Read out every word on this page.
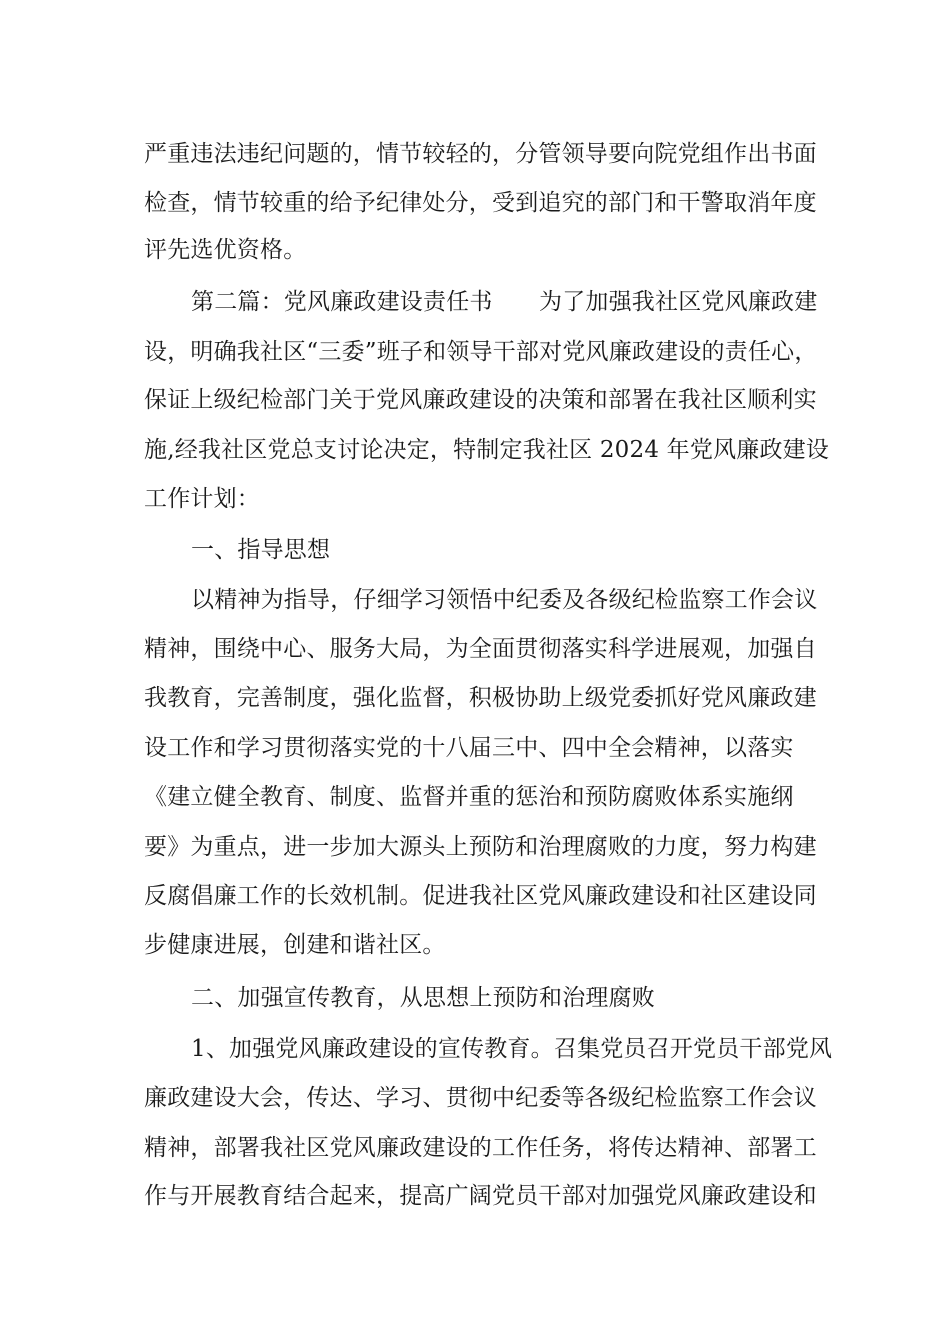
严重违法违纪问题的，情节较轻的，分管领导要向院党组作出书面
检查，情节较重的给予纪律处分，受到追究的部门和干警取消年度
评先选优资格。
第二篇：党风廉政建设责任书　　为了加强我社区党风廉政建
设，明确我社区“三委”班子和领导干部对党风廉政建设的责任心，
保证上级纪检部门关于党风廉政建设的决策和部署在我社区顺利实
施,经我社区党总支讨论决定，特制定我社区 2024 年党风廉政建设
工作计划：
一、指导思想
以精神为指导，仔细学习领悟中纪委及各级纪检监察工作会议
精神，围绕中心、服务大局，为全面贯彻落实科学进展观，加强自
我教育，完善制度，强化监督，积极协助上级党委抓好党风廉政建
设工作和学习贯彻落实党的十八届三中、四中全会精神，以落实
《建立健全教育、制度、监督并重的惩治和预防腐败体系实施纲
要》为重点，进一步加大源头上预防和治理腐败的力度，努力构建
反腐倡廉工作的长效机制。促进我社区党风廉政建设和社区建设同
步健康进展，创建和谐社区。
二、加强宣传教育，从思想上预防和治理腐败
1、加强党风廉政建设的宣传教育。召集党员召开党员干部党风
廉政建设大会，传达、学习、贯彻中纪委等各级纪检监察工作会议
精神，部署我社区党风廉政建设的工作任务，将传达精神、部署工
作与开展教育结合起来，提高广阔党员干部对加强党风廉政建设和
